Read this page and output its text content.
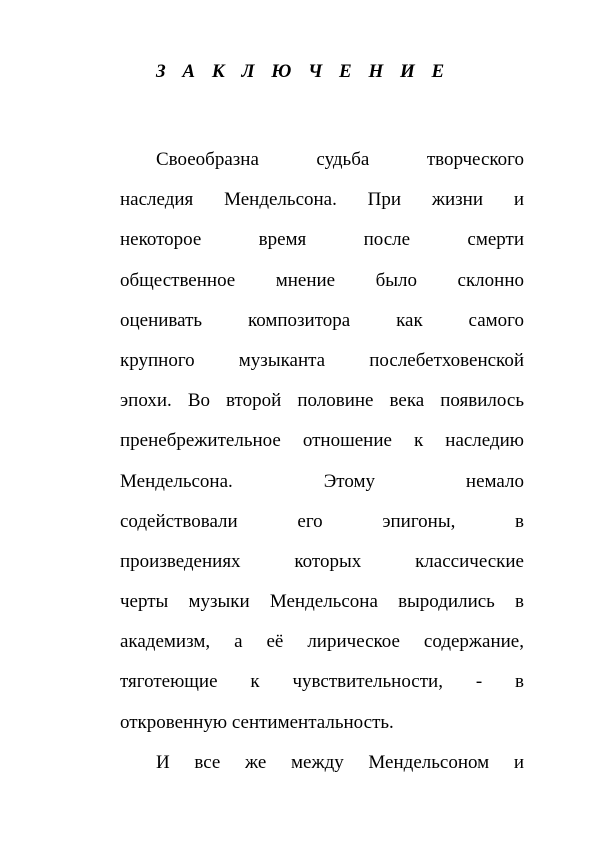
З А К Л Ю Ч Е Н И Е
Своеобразна судьба творческого
наследия Мендельсона. При жизни и
некоторое время после смерти
общественное мнение было склонно
оценивать композитора как самого
крупного музыканта послебетховенской
эпохи. Во второй половине века появилось
пренебрежительное отношение к наследию
Мендельсона. Этому немало
содействовали его эпигоны, в
произведениях которых классические
черты музыки Мендельсона выродились в
академизм, а её лирическое содержание,
тяготеющие к чувствительности, - в
откровенную сентиментальность.
И все же между Мендельсоном и
